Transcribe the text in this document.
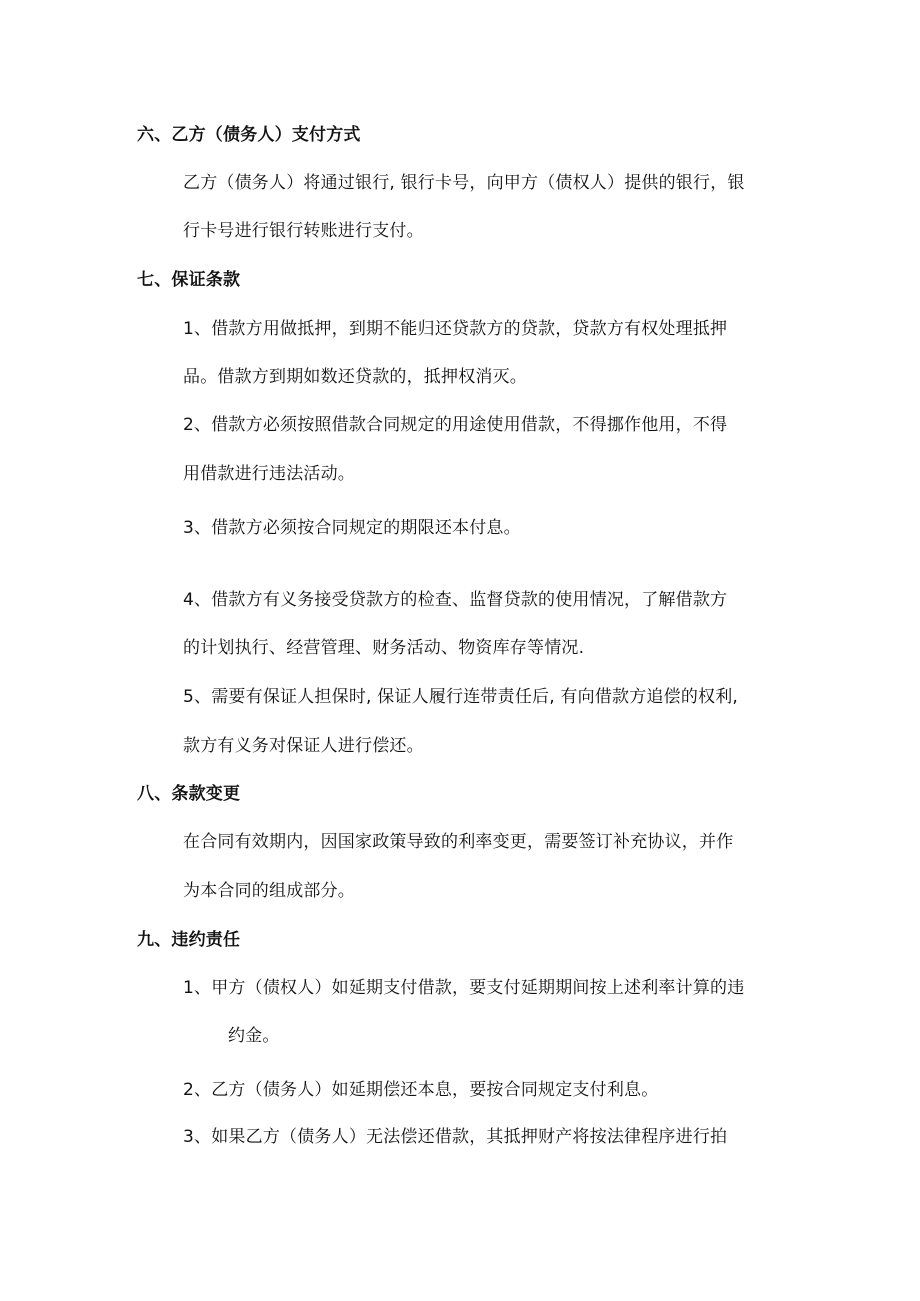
六、乙方（债务人）支付方式
乙方（债务人）将通过银行, 银行卡号，向甲方（债权人）提供的银行，银
行卡号进行银行转账进行支付。
七、保证条款
1、借款方用做抵押，到期不能归还贷款方的贷款，贷款方有权处理抵押
品。借款方到期如数还贷款的，抵押权消灭。
2、借款方必须按照借款合同规定的用途使用借款，不得挪作他用，不得
用借款进行违法活动。
3、借款方必须按合同规定的期限还本付息。
4、借款方有义务接受贷款方的检查、监督贷款的使用情况，了解借款方
的计划执行、经营管理、财务活动、物资库存等情况.
5、需要有保证人担保时, 保证人履行连带责任后, 有向借款方追偿的权利,
款方有义务对保证人进行偿还。
八、条款变更
在合同有效期内，因国家政策导致的利率变更，需要签订补充协议，并作
为本合同的组成部分。
九、违约责任
1、甲方（债权人）如延期支付借款，要支付延期期间按上述利率计算的违
约金。
2、乙方（债务人）如延期偿还本息，要按合同规定支付利息。
3、如果乙方（债务人）无法偿还借款，其抵押财产将按法律程序进行拍
